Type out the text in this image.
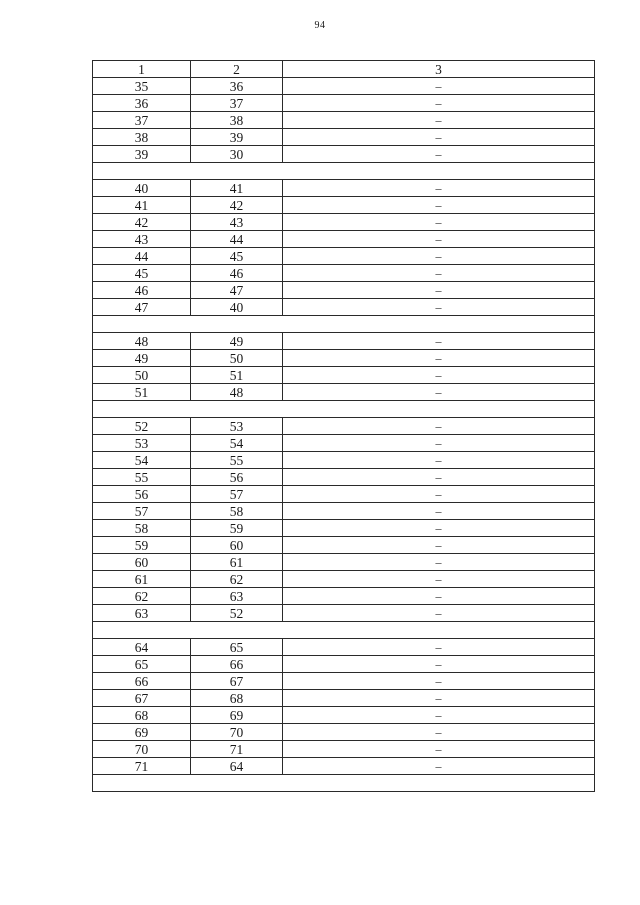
94
1	2	3
35	36	–
36	37	–
37	38	–
38	39	–
39	30	–

40	41	–
41	42	–
42	43	–
43	44	–
44	45	–
45	46	–
46	47	–
47	40	–

48	49	–
49	50	–
50	51	–
51	48	–

52	53	–
53	54	–
54	55	–
55	56	–
56	57	–
57	58	–
58	59	–
59	60	–
60	61	–
61	62	–
62	63	–
63	52	–

64	65	–
65	66	–
66	67	–
67	68	–
68	69	–
69	70	–
70	71	–
71	64	–
